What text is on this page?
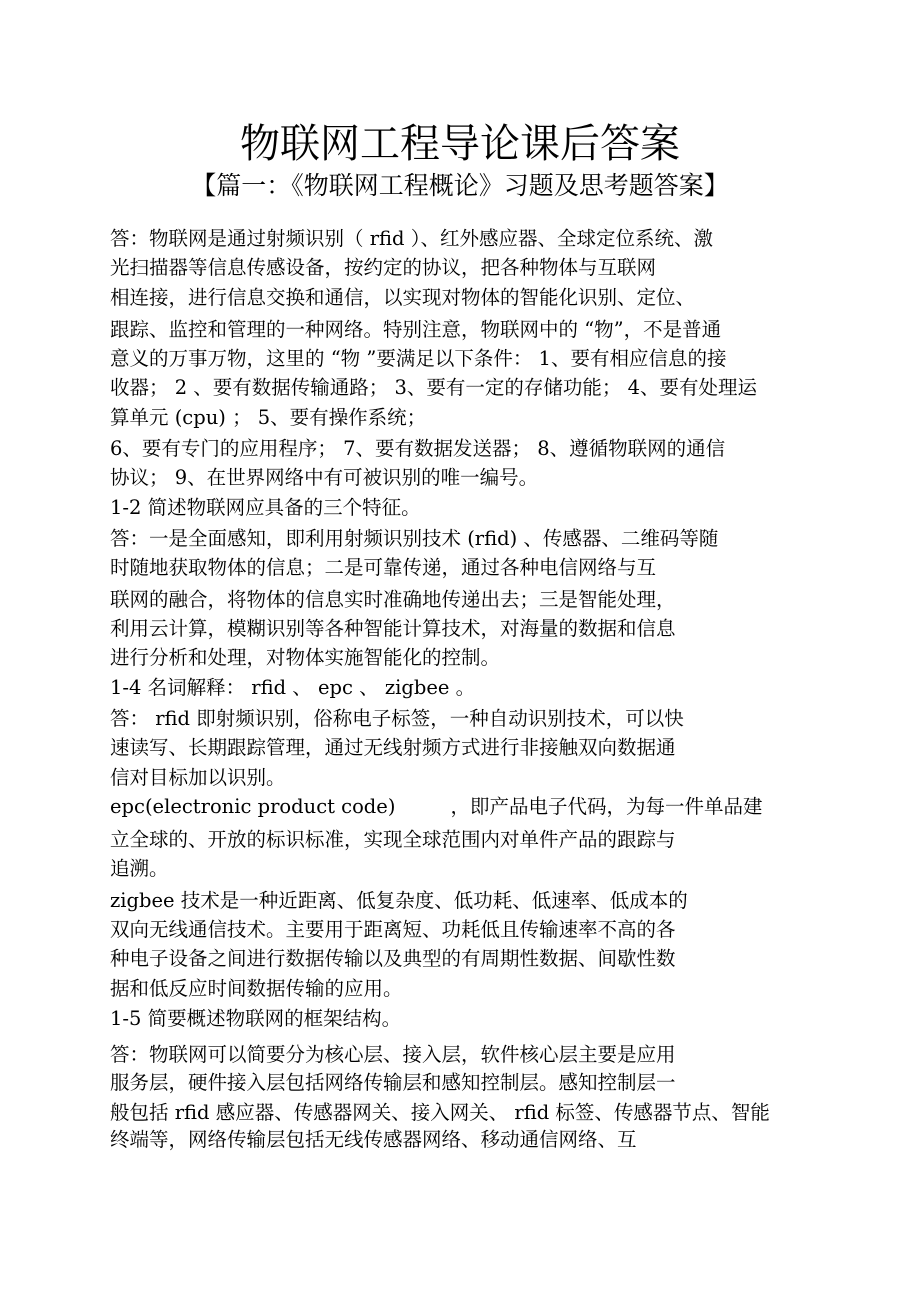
物联网工程导论课后答案
【篇一：《物联网工程概论》习题及思考题答案】
答：物联网是通过射频识别（ rfid ）、红外感应器、全球定位系统、激
光扫描器等信息传感设备，按约定的协议，把各种物体与互联网
相连接，进行信息交换和通信，以实现对物体的智能化识别、定位、
跟踪、监控和管理的一种网络。特别注意，物联网中的 “物”，不是普通
意义的万事万物，这里的 “物 ”要满足以下条件： 1、要有相应信息的接
收器； 2 、要有数据传输通路； 3、要有一定的存储功能； 4、要有处理运
算单元 (cpu) ； 5、要有操作系统；
6、要有专门的应用程序； 7、要有数据发送器； 8、遵循物联网的通信
协议； 9、在世界网络中有可被识别的唯一编号。
1-2 简述物联网应具备的三个特征。
答：一是全面感知，即利用射频识别技术 (rfid) 、传感器、二维码等随
时随地获取物体的信息；二是可靠传递，通过各种电信网络与互
联网的融合，将物体的信息实时准确地传递出去；三是智能处理，
利用云计算，模糊识别等各种智能计算技术，对海量的数据和信息
进行分析和处理，对物体实施智能化的控制。
1-4 名词解释： rfid 、 epc 、 zigbee 。
答： rfid 即射频识别，俗称电子标签，一种自动识别技术，可以快
速读写、长期跟踪管理，通过无线射频方式进行非接触双向数据通
信对目标加以识别。
epc(electronic product code)	，即产品电子代码，为每一件单品建
立全球的、开放的标识标准，实现全球范围内对单件产品的跟踪与
追溯。
zigbee 技术是一种近距离、低复杂度、低功耗、低速率、低成本的
双向无线通信技术。主要用于距离短、功耗低且传输速率不高的各
种电子设备之间进行数据传输以及典型的有周期性数据、间歇性数
据和低反应时间数据传输的应用。
1-5 简要概述物联网的框架结构。
答：物联网可以简要分为核心层、接入层，软件核心层主要是应用
服务层，硬件接入层包括网络传输层和感知控制层。感知控制层一
般包括 rfid 感应器、传感器网关、接入网关、 rfid 标签、传感器节点、智能
终端等，网络传输层包括无线传感器网络、移动通信网络、互
